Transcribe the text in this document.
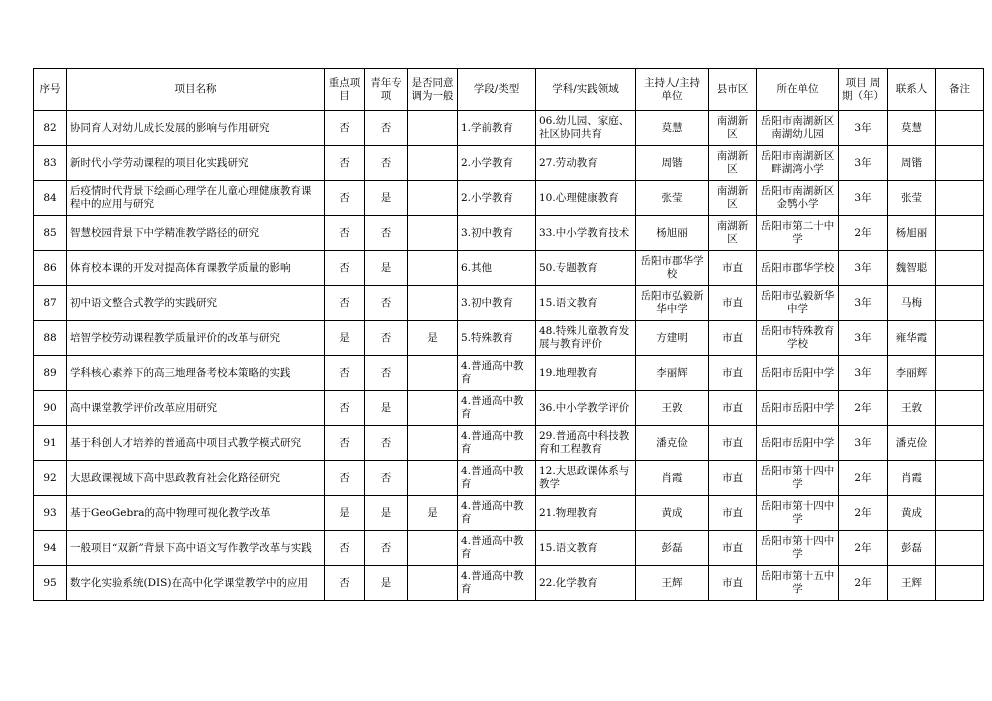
序号	项目名称	重点项目	青年专项	是否同意调为一般	学段/类型	学科/实践领域	主持人/主持单位	县市区	所在单位	项目 周期（年）	联系人	备注
82	协同育人对幼儿成长发展的影响与作用研究	否	否		1.学前教育	06.幼儿园、家庭、社区协同共育	莫慧	南湖新区	岳阳市南湖新区南湖幼儿园	3年	莫慧	
83	新时代小学劳动课程的项目化实践研究	否	否		2.小学教育	27.劳动教育	周锴	南湖新区	岳阳市南湖新区畔湖湾小学	3年	周锴	
84	后疫情时代背景下绘画心理学在儿童心理健康教育课程中的应用与研究	否	是		2.小学教育	10.心理健康教育	张莹	南湖新区	岳阳市南湖新区金鹗小学	3年	张莹	
85	智慧校园背景下中学精准教学路径的研究	否	否		3.初中教育	33.中小学教育技术	杨旭丽	南湖新区	岳阳市第二十中学	2年	杨旭丽	
86	体育校本课的开发对提高体育课教学质量的影响	否	是		6.其他	50.专题教育	岳阳市郡华学校	市直	岳阳市郡华学校	3年	魏智聪	
87	初中语文整合式教学的实践研究	否	否		3.初中教育	15.语文教育	岳阳市弘毅新华中学	市直	岳阳市弘毅新华中学	3年	马梅	
88	培智学校劳动课程教学质量评价的改革与研究	是	否	是	5.特殊教育	48.特殊儿童教育发展与教育评价	方建明	市直	岳阳市特殊教育学校	3年	雍华霞	
89	学科核心素养下的高三地理备考校本策略的实践	否	否		4.普通高中教育	19.地理教育	李丽辉	市直	岳阳市岳阳中学	3年	李丽辉	
90	高中课堂教学评价改革应用研究	否	是		4.普通高中教育	36.中小学教学评价	王敦	市直	岳阳市岳阳中学	2年	王敦	
91	基于科创人才培养的普通高中项目式教学模式研究	否	否		4.普通高中教育	29.普通高中科技教育和工程教育	潘克俭	市直	岳阳市岳阳中学	3年	潘克俭	
92	大思政课视域下高中思政教育社会化路径研究	否	否		4.普通高中教育	12.大思政课体系与教学	肖霞	市直	岳阳市第十四中学	2年	肖霞	
93	基于GeoGebra的高中物理可视化教学改革	是	是	是	4.普通高中教育	21.物理教育	黄成	市直	岳阳市第十四中学	2年	黄成	
94	一般项目“双新”背景下高中语文写作教学改革与实践	否	否		4.普通高中教育	15.语文教育	彭磊	市直	岳阳市第十四中学	2年	彭磊	
95	数字化实验系统(DIS)在高中化学课堂教学中的应用	否	是		4.普通高中教育	22.化学教育	王辉	市直	岳阳市第十五中学	2年	王辉	
